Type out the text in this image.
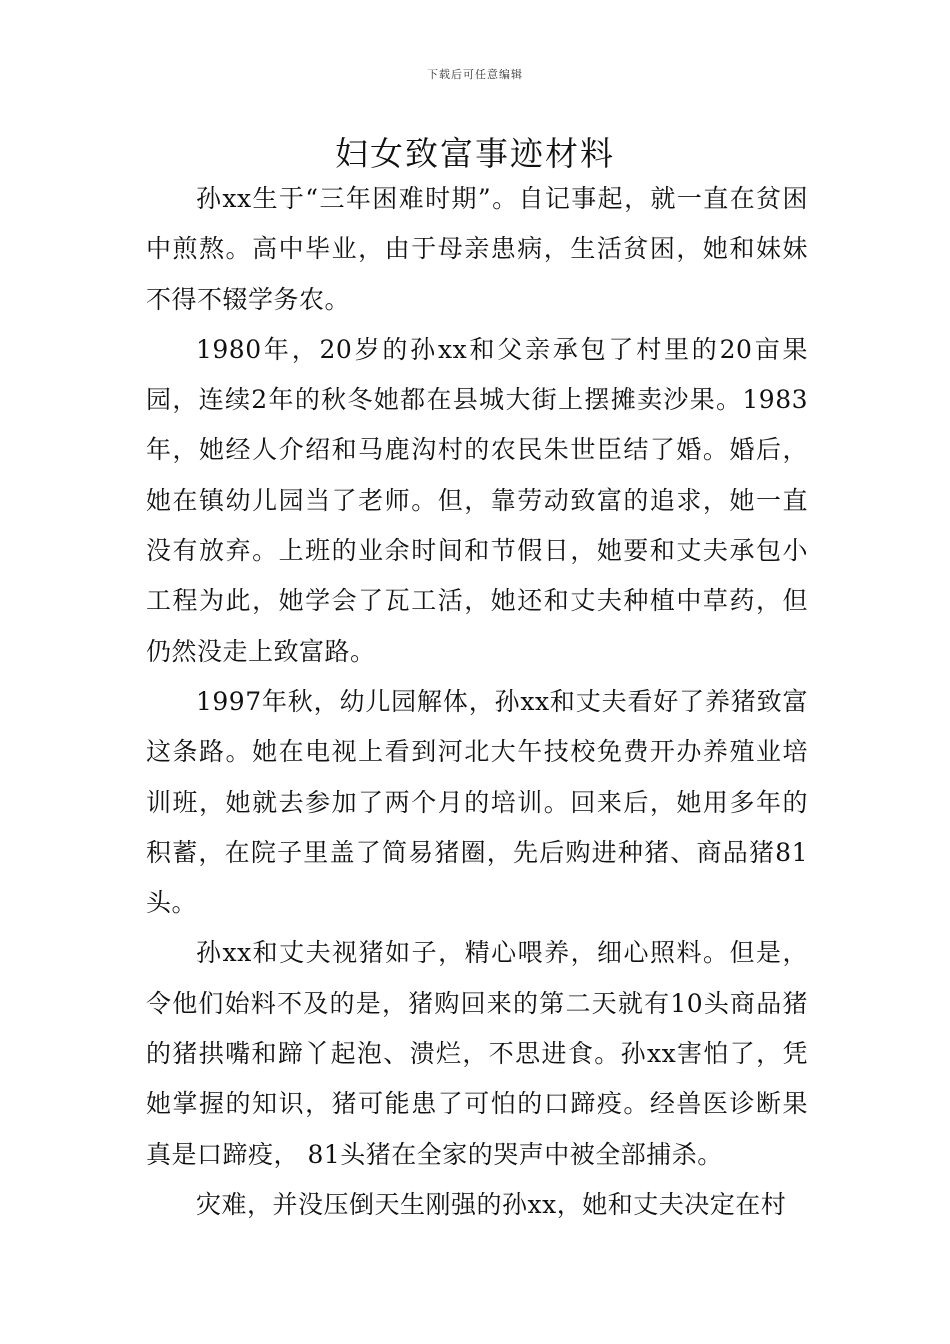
下载后可任意编辑
妇女致富事迹材料

孙xx生于“三年困难时期”。自记事起，就一直在贫困中煎熬。高中毕业，由于母亲患病，生活贫困，她和妹妹不得不辍学务农。

1980年，20岁的孙xx和父亲承包了村里的20亩果园，连续2年的秋冬她都在县城大街上摆摊卖沙果。1983年，她经人介绍和马鹿沟村的农民朱世臣结了婚。婚后，她在镇幼儿园当了老师。但，靠劳动致富的追求，她一直没有放弃。上班的业余时间和节假日，她要和丈夫承包小工程为此，她学会了瓦工活，她还和丈夫种植中草药，但仍然没走上致富路。

1997年秋，幼儿园解体，孙xx和丈夫看好了养猪致富这条路。她在电视上看到河北大午技校免费开办养殖业培训班，她就去参加了两个月的培训。回来后，她用多年的积蓄，在院子里盖了简易猪圈，先后购进种猪、商品猪81头。

孙xx和丈夫视猪如子，精心喂养，细心照料。但是，令他们始料不及的是，猪购回来的第二天就有10头商品猪的猪拱嘴和蹄丫起泡、溃烂，不思进食。孙xx害怕了，凭她掌握的知识，猪可能患了可怕的口蹄疫。经兽医诊断果真是口蹄疫， 81头猪在全家的哭声中被全部捕杀。

灾难，并没压倒天生刚强的孙xx，她和丈夫决定在村
